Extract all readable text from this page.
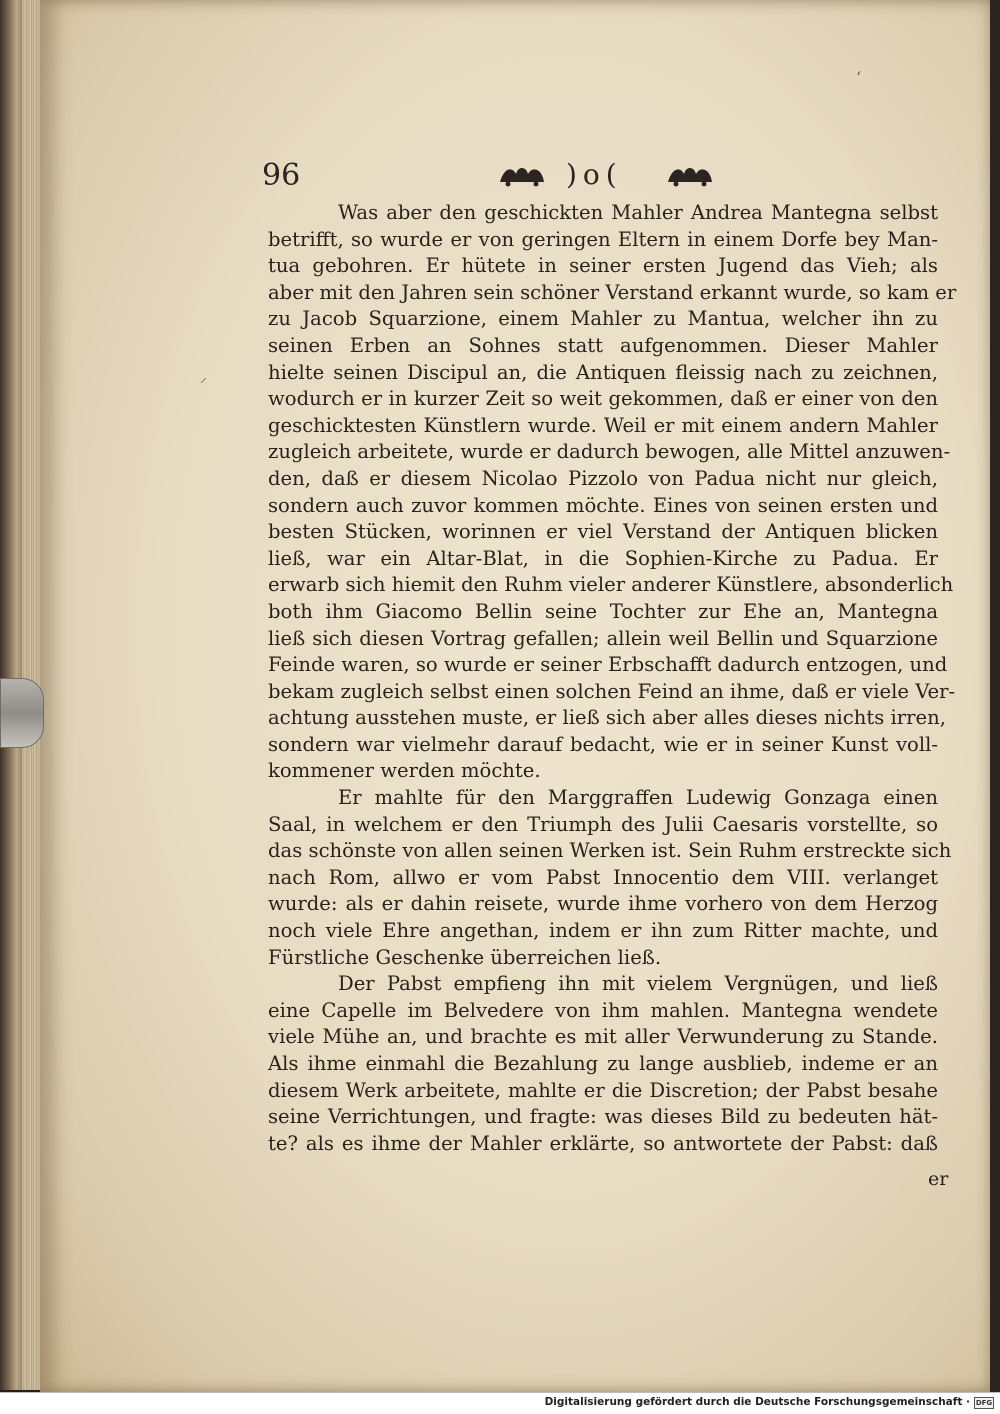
ʻ
⸝
96	)o(
Was aber den geschickten Mahler Andrea Mantegna selbst
betrifft, so wurde er von geringen Eltern in einem Dorfe bey Man-
tua gebohren. Er hütete in seiner ersten Jugend das Vieh; als
aber mit den Jahren sein schöner Verstand erkannt wurde, so kam er
zu Jacob Squarzione, einem Mahler zu Mantua, welcher ihn zu
seinen Erben an Sohnes statt aufgenommen. Dieser Mahler
hielte seinen Discipul an, die Antiquen fleissig nach zu zeichnen,
wodurch er in kurzer Zeit so weit gekommen, daß er einer von den
geschicktesten Künstlern wurde. Weil er mit einem andern Mahler
zugleich arbeitete, wurde er dadurch bewogen, alle Mittel anzuwen-
den, daß er diesem Nicolao Pizzolo von Padua nicht nur gleich,
sondern auch zuvor kommen möchte. Eines von seinen ersten und
besten Stücken, worinnen er viel Verstand der Antiquen blicken
ließ, war ein Altar-Blat, in die Sophien-Kirche zu Padua. Er
erwarb sich hiemit den Ruhm vieler anderer Künstlere, absonderlich
both ihm Giacomo Bellin seine Tochter zur Ehe an, Mantegna
ließ sich diesen Vortrag gefallen; allein weil Bellin und Squarzione
Feinde waren, so wurde er seiner Erbschafft dadurch entzogen, und
bekam zugleich selbst einen solchen Feind an ihme, daß er viele Ver-
achtung ausstehen muste, er ließ sich aber alles dieses nichts irren,
sondern war vielmehr darauf bedacht, wie er in seiner Kunst voll-
kommener werden möchte.
Er mahlte für den Marggraffen Ludewig Gonzaga einen
Saal, in welchem er den Triumph des Julii Caesaris vorstellte, so
das schönste von allen seinen Werken ist. Sein Ruhm erstreckte sich
nach Rom, allwo er vom Pabst Innocentio dem VIII. verlanget
wurde: als er dahin reisete, wurde ihme vorhero von dem Herzog
noch viele Ehre angethan, indem er ihn zum Ritter machte, und
Fürstliche Geschenke überreichen ließ.
Der Pabst empfieng ihn mit vielem Vergnügen, und ließ
eine Capelle im Belvedere von ihm mahlen. Mantegna wendete
viele Mühe an, und brachte es mit aller Verwunderung zu Stande.
Als ihme einmahl die Bezahlung zu lange ausblieb, indeme er an
diesem Werk arbeitete, mahlte er die Discretion; der Pabst besahe
seine Verrichtungen, und fragte: was dieses Bild zu bedeuten hät-
te? als es ihme der Mahler erklärte, so antwortete der Pabst: daß
er
Digitalisierung gefördert durch die Deutsche Forschungsgemeinschaft · DFG
